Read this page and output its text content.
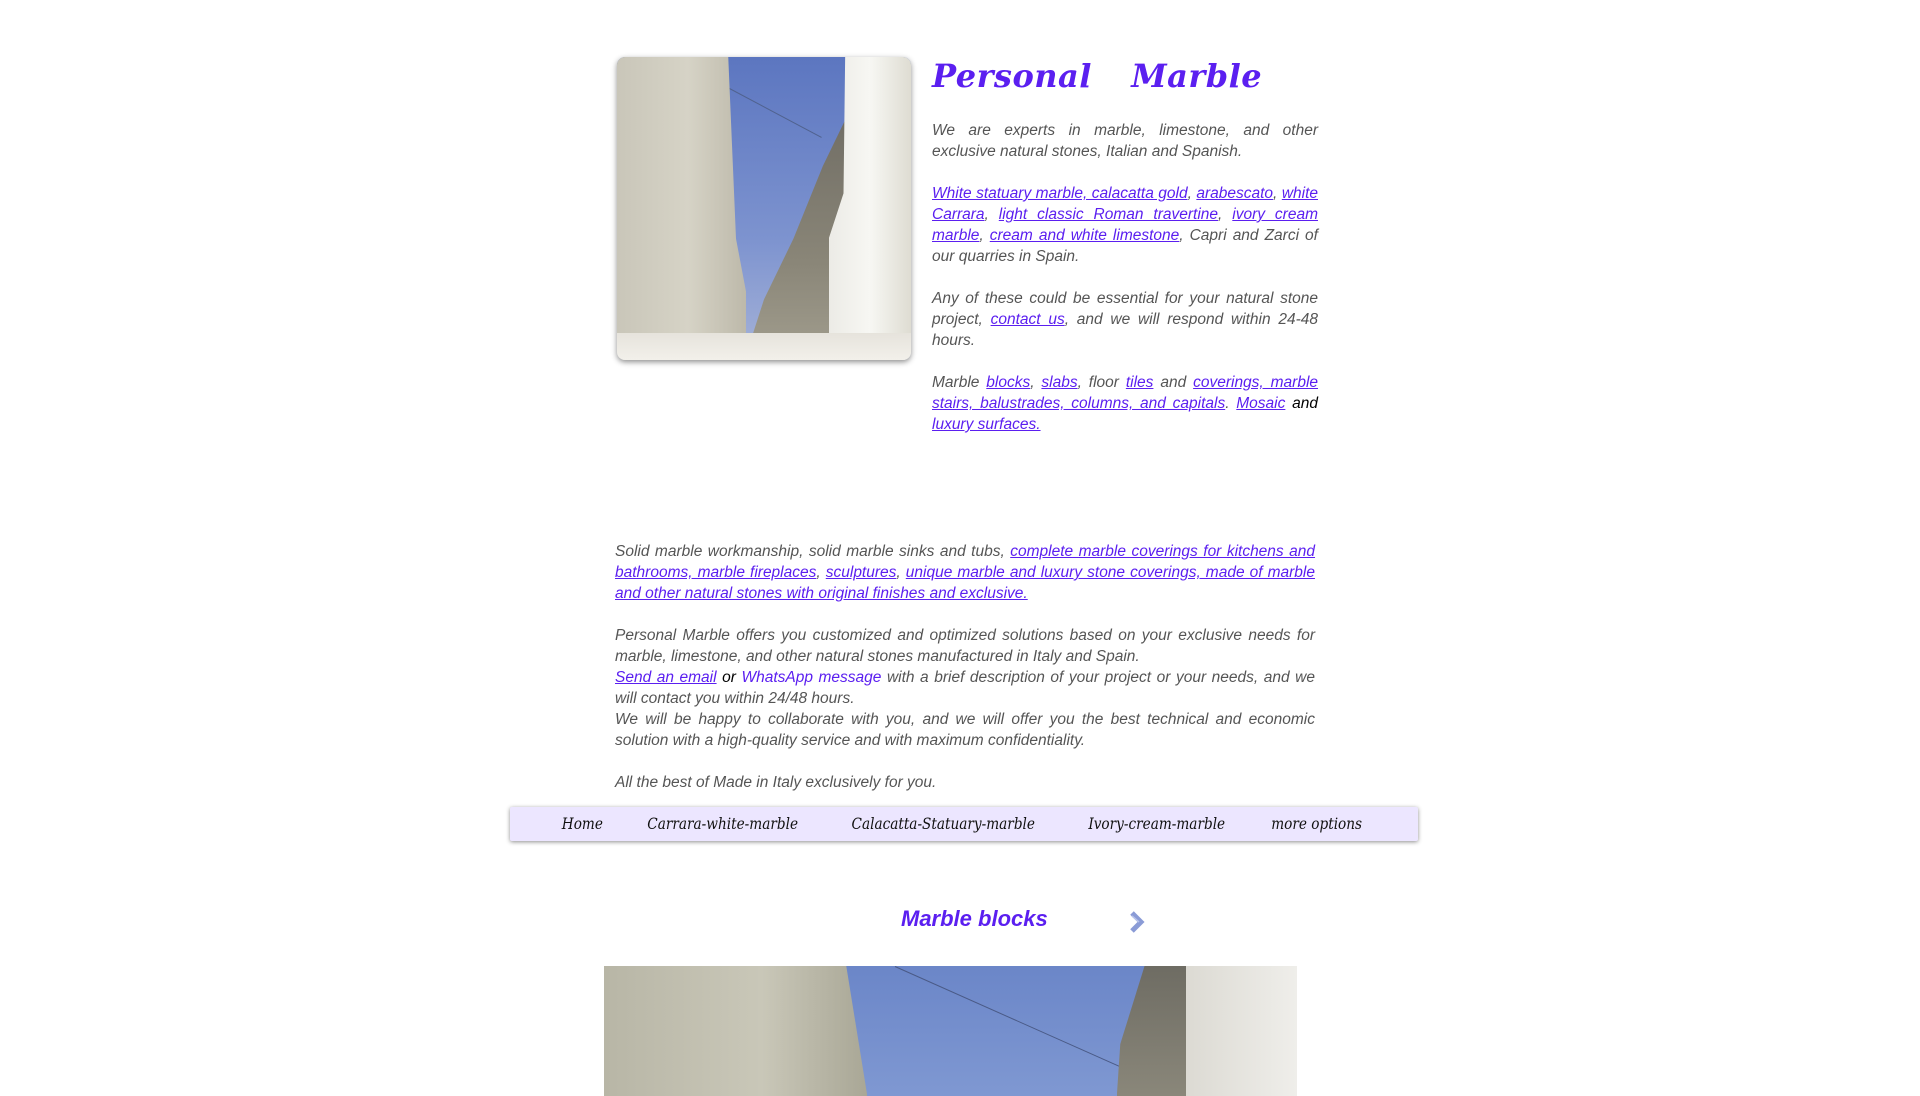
Personal  Marble

We are experts in marble, limestone, and other exclusive natural stones, Italian and Spanish.

White statuary marble, calacatta gold, arabescato, white Carrara, light classic Roman travertine, ivory cream marble, cream and white limestone, Capri and Zarci of our quarries in Spain.

Any of these could be essential for your natural stone project, contact us, and we will respond within 24-48 hours.

Marble blocks, slabs, floor tiles and coverings, marble stairs, balustrades, columns, and capitals. Mosaic and luxury surfaces.

Solid marble workmanship, solid marble sinks and tubs, complete marble coverings for kitchens and bathrooms, marble fireplaces, sculptures, unique marble and luxury stone coverings, made of marble and other natural stones with original finishes and exclusive.

Personal Marble offers you customized and optimized solutions based on your exclusive needs for marble, limestone, and other natural stones manufactured in Italy and Spain.

Send an email or WhatsApp message with a brief description of your project or your needs, and we will contact you within 24/48 hours.

We will be happy to collaborate with you, and we will offer you the best technical and economic solution with a high-quality service and with maximum confidentiality.

All the best of Made in Italy exclusively for you.

Home	Carrara-white-marble	Calacatta-Statuary-marble	Ivory-cream-marble	more options
Marble blocks
